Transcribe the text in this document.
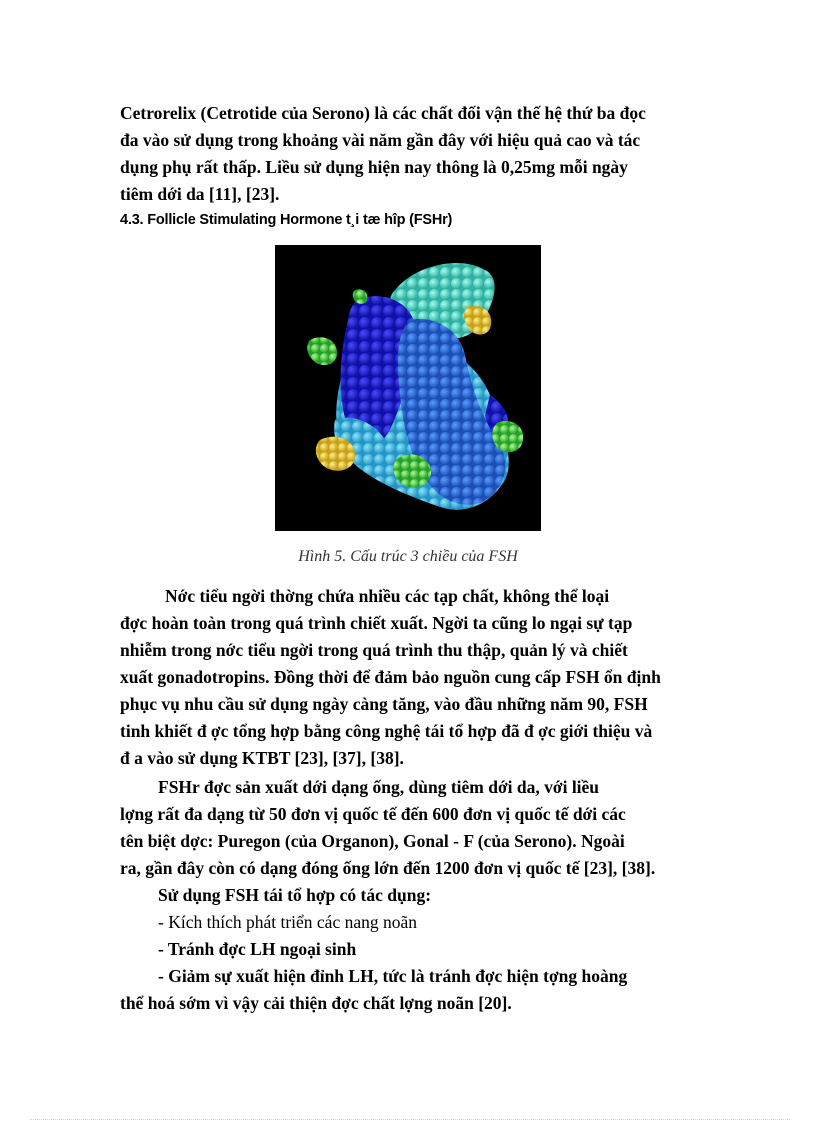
Cetrorelix (Cetrotide của Serono) là các chất đối vận thế hệ thứ ba đọc
đa vào sử dụng trong khoảng vài năm gần đây với hiệu quả cao và tác
dụng phụ rất thấp. Liều sử dụng hiện nay thông là 0,25mg mỗi ngày
tiêm dới da [11], [23].

4.3. Follicle Stimulating Hormone t¸i tæ hîp (FSHr)
Hình 5. Cấu trúc 3 chiều của FSH

Nớc tiểu ngời thờng chứa nhiều các tạp chất, không thể loại
đợc hoàn toàn trong quá trình chiết xuất. Ngời ta cũng lo ngại sự tạp
nhiễm trong nớc tiểu ngời trong quá trình thu thập, quản lý và chiết
xuất gonadotropins. Đồng thời để đảm bảo nguồn cung cấp FSH ổn định
phục vụ nhu cầu sử dụng ngày càng tăng, vào đầu những năm 90, FSH
tinh khiết đ ợc tổng hợp bằng công nghệ tái tổ hợp đã đ ợc giới thiệu và
đ a vào sử dụng KTBT [23], [37], [38].

FSHr đợc sản xuất dới dạng ống, dùng tiêm dới da, với liều
lợng rất đa dạng từ 50 đơn vị quốc tế đến 600 đơn vị quốc tế dới các
tên biệt dợc: Puregon (của Organon), Gonal - F (của Serono). Ngoài
ra, gần đây còn có dạng đóng ống lớn đến 1200 đơn vị quốc tế [23], [38].

Sử dụng FSH tái tổ hợp có tác dụng:
- Kích thích phát triển các nang noãn
- Tránh đợc LH ngoại sinh
- Giảm sự xuất hiện đỉnh LH, tức là tránh đợc hiện tợng hoàng
thể hoá sớm vì vậy cải thiện đợc chất lợng noãn [20].
